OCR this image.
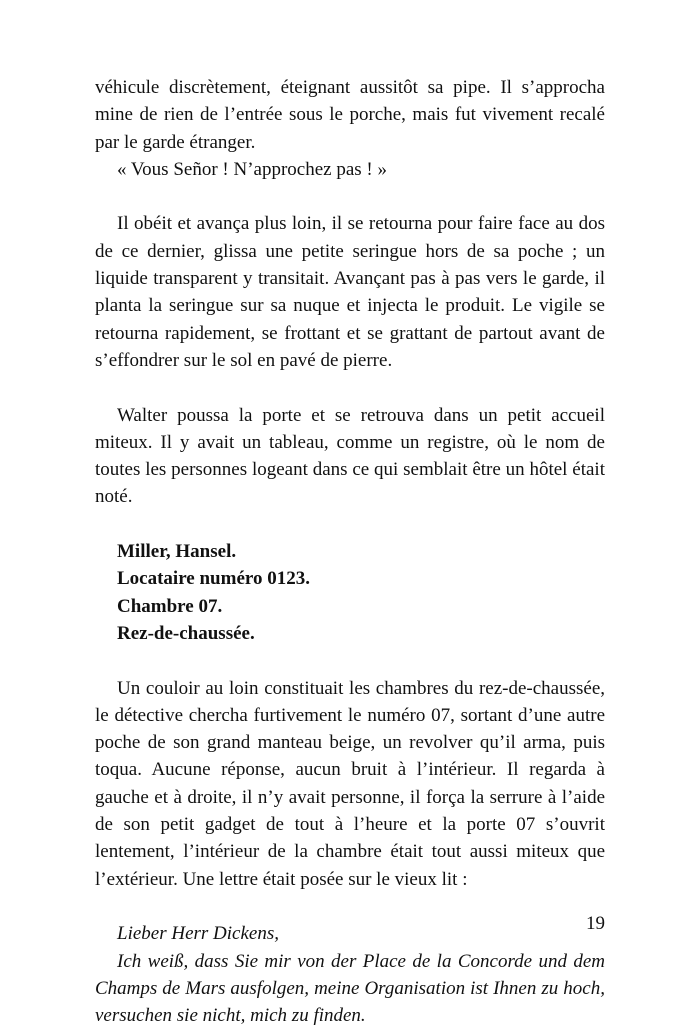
véhicule discrètement, éteignant aussitôt sa pipe. Il s’approcha mine de rien de l’entrée sous le porche, mais fut vivement recalé par le garde étranger.

« Vous Señor ! N’approchez pas ! »

Il obéit et avança plus loin, il se retourna pour faire face au dos de ce dernier, glissa une petite seringue hors de sa poche ; un liquide transparent y transitait. Avançant pas à pas vers le garde, il planta la seringue sur sa nuque et injecta le produit. Le vigile se retourna rapidement, se frottant et se grattant de partout avant de s’effondrer sur le sol en pavé de pierre.

Walter poussa la porte et se retrouva dans un petit accueil miteux. Il y avait un tableau, comme un registre, où le nom de toutes les personnes logeant dans ce qui semblait être un hôtel était noté.

Miller, Hansel.

Locataire numéro 0123.

Chambre 07.

Rez-de-chaussée.

Un couloir au loin constituait les chambres du rez-de-chaussée, le détective chercha furtivement le numéro 07, sortant d’une autre poche de son grand manteau beige, un revolver qu’il arma, puis toqua. Aucune réponse, aucun bruit à l’intérieur. Il regarda à gauche et à droite, il n’y avait personne, il força la serrure à l’aide de son petit gadget de tout à l’heure et la porte 07 s’ouvrit lentement, l’intérieur de la chambre était tout aussi miteux que l’extérieur. Une lettre était posée sur le vieux lit :

Lieber Herr Dickens,

Ich weiß, dass Sie mir von der Place de la Concorde und dem Champs de Mars ausfolgen, meine Organisation ist Ihnen zu hoch, versuchen sie nicht, mich zu finden.

19
